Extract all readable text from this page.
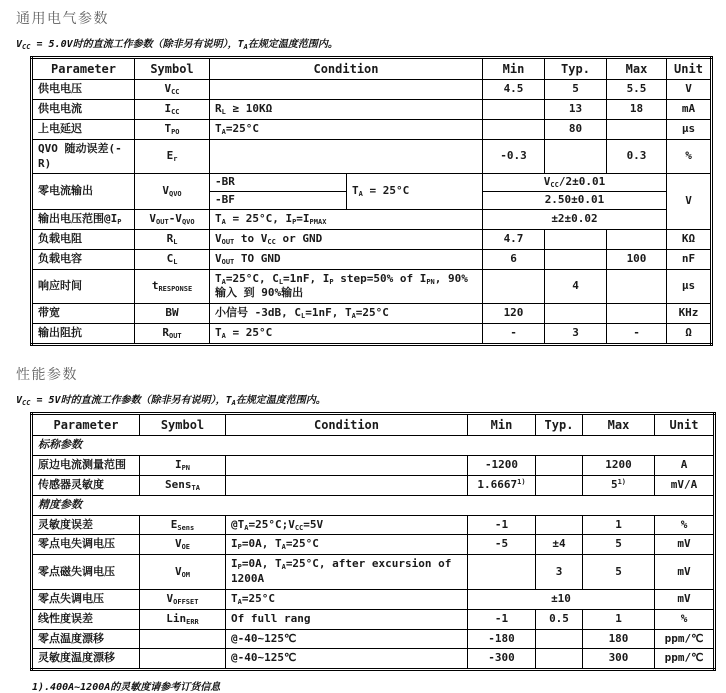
通用电气参数
$V_{CC} = 5.0V$时的直流工作参数（除非另有说明），$T_A$在规定温度范围内。
Parameter	Symbol	Condition		Min	Typ.	Max	Unit
供电电压	$V_{CC}$			4.5	5	5.5	V
供电电流	$I_{CC}$	$R_L \ge 10K\Omega$			13	18	mA
上电延迟	$T_{PO}$	$T_A=25^\circ C$			80		μs
QVO 随动误差(-R)	$E_r$			-0.3		0.3	%
零电流输出	$V_{QVO}$	-BR	$T_A = 25^\circ C$	$V_{CC}/2\pm 0.01$			V
		-BF		2.50±0.01			
输出电压范围$@I_P$	$V_{OUT}-V_{QVO}$	$T_A = 25^\circ C$, $I_P=I_{PMAX}$		±2±0.02			
负载电阻	$R_L$	$V_{OUT}$ to $V_{CC}$ or GND		4.7			KΩ
负载电容	$C_L$	$V_{OUT}$ TO GND		6		100	nF
响应时间	$t_{RESPONSE}$	$T_A=25^\circ C$, $C_L=1nF$, $I_P$ step=50% of $I_{PN}$, 90% 输入 到 90%输出			4		μs
带宽	BW	小信号 -3dB, $C_L=1nF$, $T_A=25^\circ C$		120			KHz
输出阻抗	$R_{OUT}$	$T_A = 25^\circ C$		-	3	-	Ω
性能参数
$V_{CC} = 5V$时的直流工作参数（除非另有说明），$T_A$在规定温度范围内。
Parameter	Symbol	Condition	Min	Typ.	Max	Unit
标称参数						
原边电流测量范围	$I_{PN}$		-1200		1200	A
传感器灵敏度	Sens$_{TA}$		1.6667$^{1)}$		5$^{1)}$	mV/A
精度参数						
灵敏度误差	$E_{Sens}$	$@T_A=25^\circ C;V_{CC}=5V$	-1		1	%
零点电失调电压	$V_{OE}$	$I_P=0A$, $T_A=25^\circ C$	-5	±4	5	mV
零点磁失调电压	$V_{OM}$	$I_P=0A$, $T_A=25^\circ C$, after excursion of 1200A		3	5	mV
零点失调电压	$V_{OFFSET}$	$T_A=25^\circ C$	±10			mV
线性度误差	Lin$_{ERR}$	Of full rang	-1	0.5	1	%
零点温度漂移		@-40~125℃	-180		180	ppm/℃
灵敏度温度漂移		@-40~125℃	-300		300	ppm/℃
1).400A~1200A的灵敏度请参考订货信息
